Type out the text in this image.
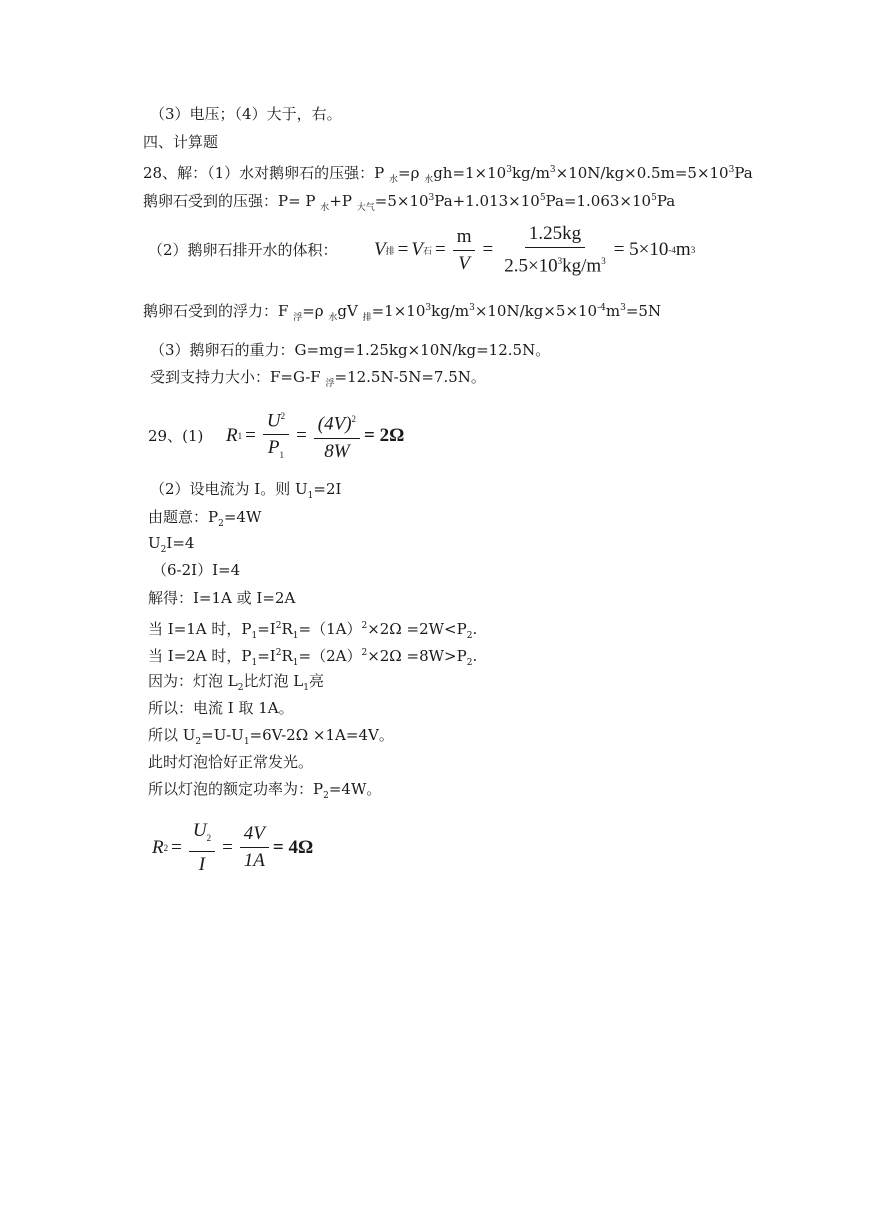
（3）电压；（4）大于，右。
四、计算题
28、解：（1）水对鹅卵石的压强：P $_水$=ρ $_水gh=1\times 10^3kg/m^3\times 10N/kg\times 0.5m=5\times 10^3Pa$
鹅卵石受到的压强：P= P $_水$+P $_{大气}=5\times 10^3Pa+1.013\times 10^5Pa=1.063\times 10^5Pa$
（2）鹅卵石排开水的体积： V 排 = V 石 = $\frac{m}{V} = \frac{1.25kg}{2.5\times 10^3kg/m^3} = 5\times 10$ -4 m 3
鹅卵石受到的浮力：F $_浮$=ρ $_水$gV $_排=1\times 10^3kg/m^3\times 10N/kg\times 5\times 10^{-4}m^3=5N$
（3）鹅卵石的重力：G=mg=1.25kg×10N/kg=12.5N。
受到支持力大小：F=G-F $_浮$=12.5N-5N=7.5N。
29、(1) R $1 = \frac{U^2}{P_1} = \frac{(4V)^2}{8W} = 2\Omega$
（2）设电流为 I。则 $U_1=2I$
由题意：$P_2=4W$
$U_2I=4$
（6-2I）I=4
解得：I=1A 或 I=2A
当 I=1A 时，$P_1=I^2R_1=(1A)^2\times 2\Omega =2W<P_2$.
当 I=2A 时，$P_1=I^2R_1=(2A)^2\times 2\Omega =8W>P_2$.
因为：灯泡 $L_2$比灯泡 $L_1$亮
所以：电流 I 取 1A。
所以 $U_2=U-U_1=6V-2\Omega \times 1A=4V$。
此时灯泡恰好正常发光。
所以灯泡的额定功率为：$P_2=4W$。
R $2 = \frac{U_2}{I} = \frac{4V}{1A} = 4\Omega$
